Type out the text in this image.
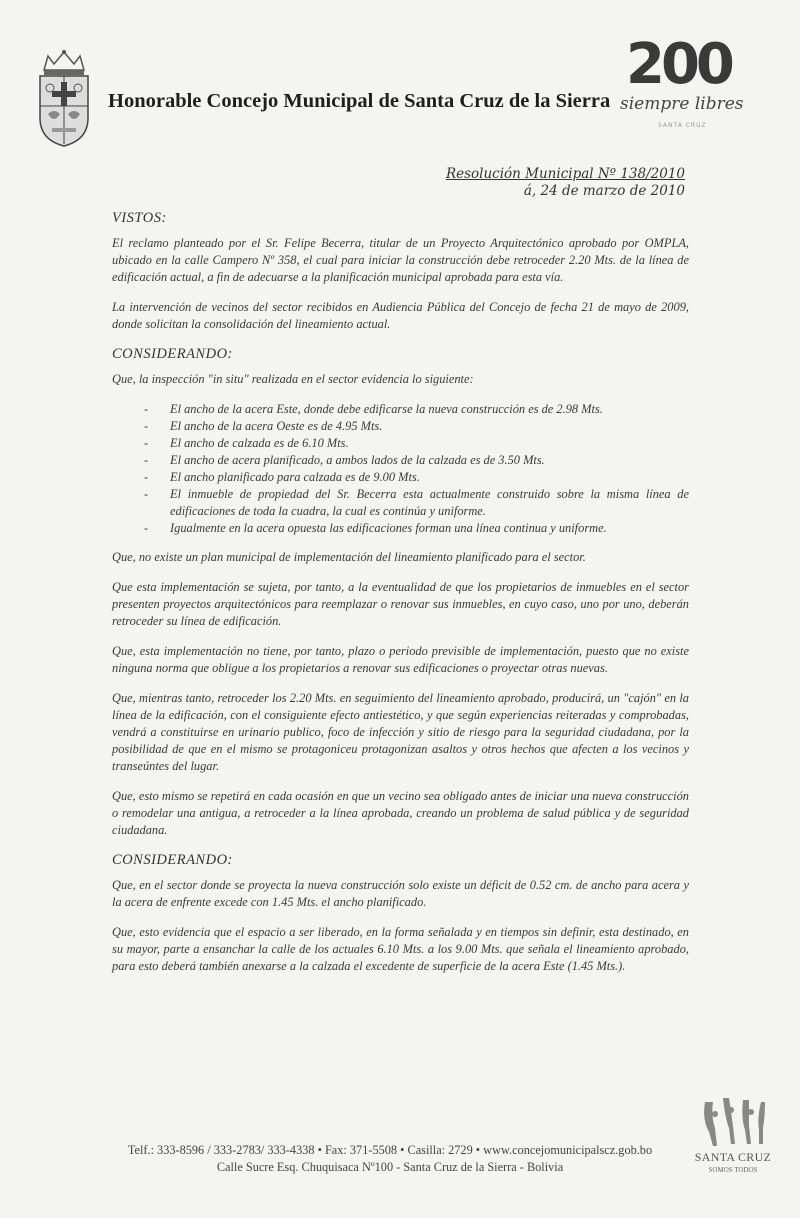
Honorable Concejo Municipal de Santa Cruz de la Sierra
200
siempre libres
SANTA CRUZ
Resolución Municipal Nº 138/2010
á, 24 de marzo de 2010
VISTOS:

El reclamo planteado por el Sr. Felipe Becerra, titular de un Proyecto Arquitectónico aprobado por OMPLA, ubicado en la calle Campero Nº 358, el cual para iniciar la construcción debe retroceder 2.20 Mts. de la línea de edificación actual, a fin de adecuarse a la planificación municipal aprobada para esta vía.

La intervención de vecinos del sector recibidos en Audiencia Pública del Concejo de fecha 21 de mayo de 2009, donde solicitan la consolidación del lineamiento actual.

CONSIDERANDO:

Que, la inspección "in situ" realizada en el sector evidencia lo siguiente:

- El ancho de la acera Este, donde debe edificarse la nueva construcción es de 2.98 Mts.
- El ancho de la acera Oeste es de 4.95 Mts.
- El ancho de calzada es de 6.10 Mts.
- El ancho de acera planificado, a ambos lados de la calzada es de 3.50 Mts.
- El ancho planificado para calzada es de 9.00 Mts.
- El inmueble de propiedad del Sr. Becerra esta actualmente construido sobre la misma línea de edificaciones de toda la cuadra, la cual es continúa y uniforme.
- Igualmente en la acera opuesta las edificaciones forman una línea continua y uniforme.

Que, no existe un plan municipal de implementación del lineamiento planificado para el sector.

Que esta implementación se sujeta, por tanto, a la eventualidad de que los propietarios de inmuebles en el sector presenten proyectos arquitectónicos para reemplazar o renovar sus inmuebles, en cuyo caso, uno por uno, deberán retroceder su línea de edificación.

Que, esta implementación no tiene, por tanto, plazo o periodo previsible de implementación, puesto que no existe ninguna norma que obligue a los propietarios a renovar sus edificaciones o proyectar otras nuevas.

Que, mientras tanto, retroceder los 2.20 Mts. en seguimiento del lineamiento aprobado, producirá, un "cajón" en la línea de la edificación, con el consiguiente efecto antiestético, y que según experiencias reiteradas y comprobadas, vendrá a constituirse en urinario publico, foco de infección y sitio de riesgo para la seguridad ciudadana, por la posibilidad de que en el mismo se protagoniceu protagonizan asaltos y otros hechos que afecten a los vecinos y transeúntes del lugar.

Que, esto mismo se repetirá en cada ocasión en que un vecino sea obligado antes de iniciar una nueva construcción o remodelar una antigua, a retroceder a la línea aprobada, creando un problema de salud pública y de seguridad ciudadana.

CONSIDERANDO:

Que, en el sector donde se proyecta la nueva construcción solo existe un déficit de 0.52 cm. de ancho para acera y la acera de enfrente excede con 1.45 Mts. el ancho planificado.

Que, esto evidencia que el espacio a ser liberado, en la forma señalada y en tiempos sin definir, esta destinado, en su mayor, parte a ensanchar la calle de los actuales 6.10 Mts. a los 9.00 Mts. que señala el lineamiento aprobado, para esto deberá también anexarse a la calzada el excedente de superficie de la acera Este (1.45 Mts.).

SANTA CRUZ
SOMOS TODOS
Telf.: 333-8596 / 333-2783/ 333-4338 • Fax: 371-5508 • Casilla: 2729 • www.concejomunicipalscz.gob.bo
Calle Sucre Esq. Chuquisaca Nº100 - Santa Cruz de la Sierra - Bolivia
